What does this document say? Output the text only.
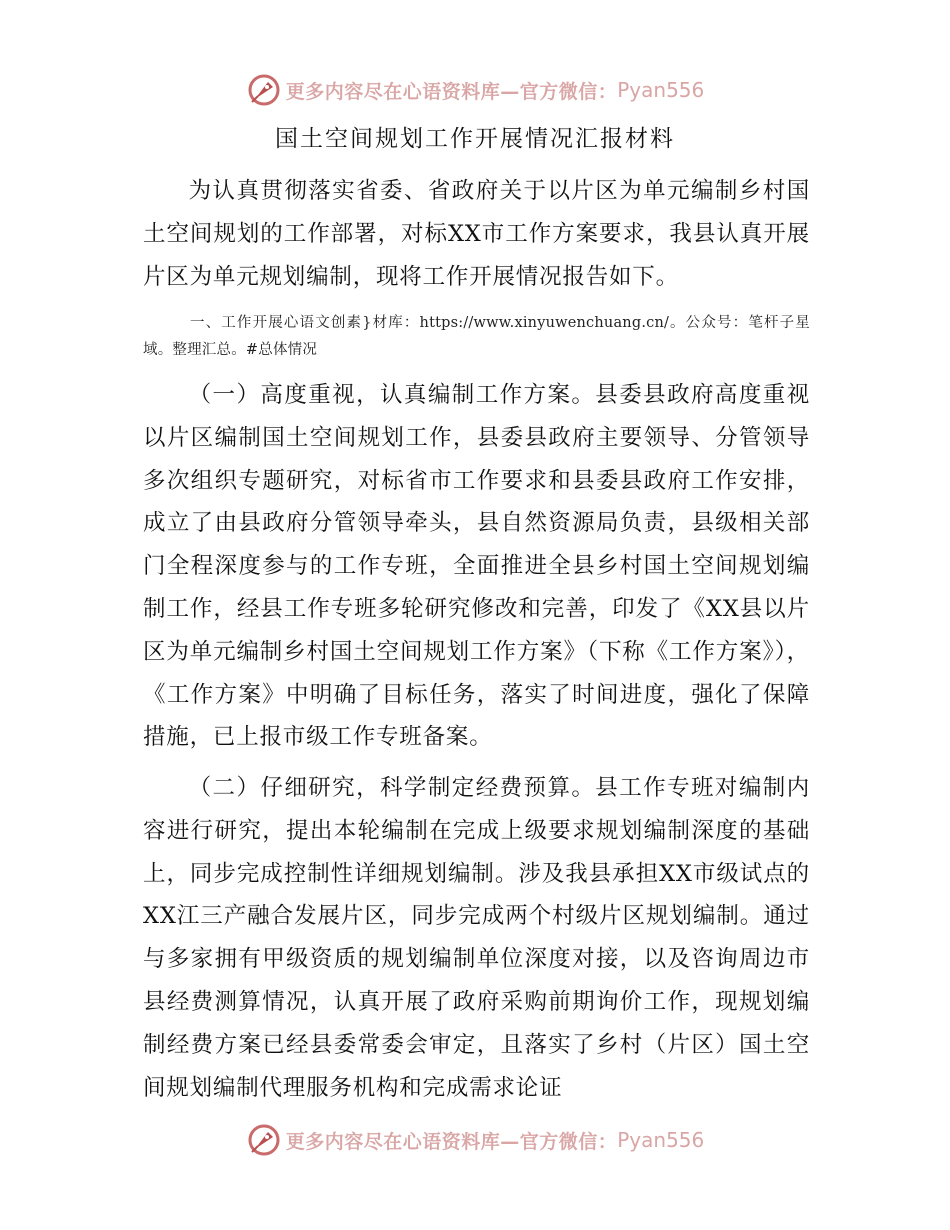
更多内容尽在心语资料库—官方微信： Pyan556
国土空间规划工作开展情况汇报材料
为认真贯彻落实省委、省政府关于以片区为单元编制乡村国土空间规划的工作部署，对标XX市工作方案要求，我县认真开展片区为单元规划编制，现将工作开展情况报告如下。
一、工作开展心语文创素}材库：https://www.xinyuwenchuang.cn/。公众号：笔杆子星域。整理汇总。#总体情况
（一）高度重视，认真编制工作方案。县委县政府高度重视以片区编制国土空间规划工作，县委县政府主要领导、分管领导多次组织专题研究，对标省市工作要求和县委县政府工作安排，成立了由县政府分管领导牵头，县自然资源局负责，县级相关部门全程深度参与的工作专班，全面推进全县乡村国土空间规划编制工作，经县工作专班多轮研究修改和完善，印发了《XX县以片区为单元编制乡村国土空间规划工作方案》（下称《工作方案》），《工作方案》中明确了目标任务，落实了时间进度，强化了保障措施，已上报市级工作专班备案。
（二）仔细研究，科学制定经费预算。县工作专班对编制内容进行研究，提出本轮编制在完成上级要求规划编制深度的基础上，同步完成控制性详细规划编制。涉及我县承担XX市级试点的XX江三产融合发展片区，同步完成两个村级片区规划编制。通过与多家拥有甲级资质的规划编制单位深度对接，以及咨询周边市县经费测算情况，认真开展了政府采购前期询价工作，现规划编制经费方案已经县委常委会审定，且落实了乡村（片区）国土空间规划编制代理服务机构和完成需求论证
更多内容尽在心语资料库—官方微信： Pyan556
